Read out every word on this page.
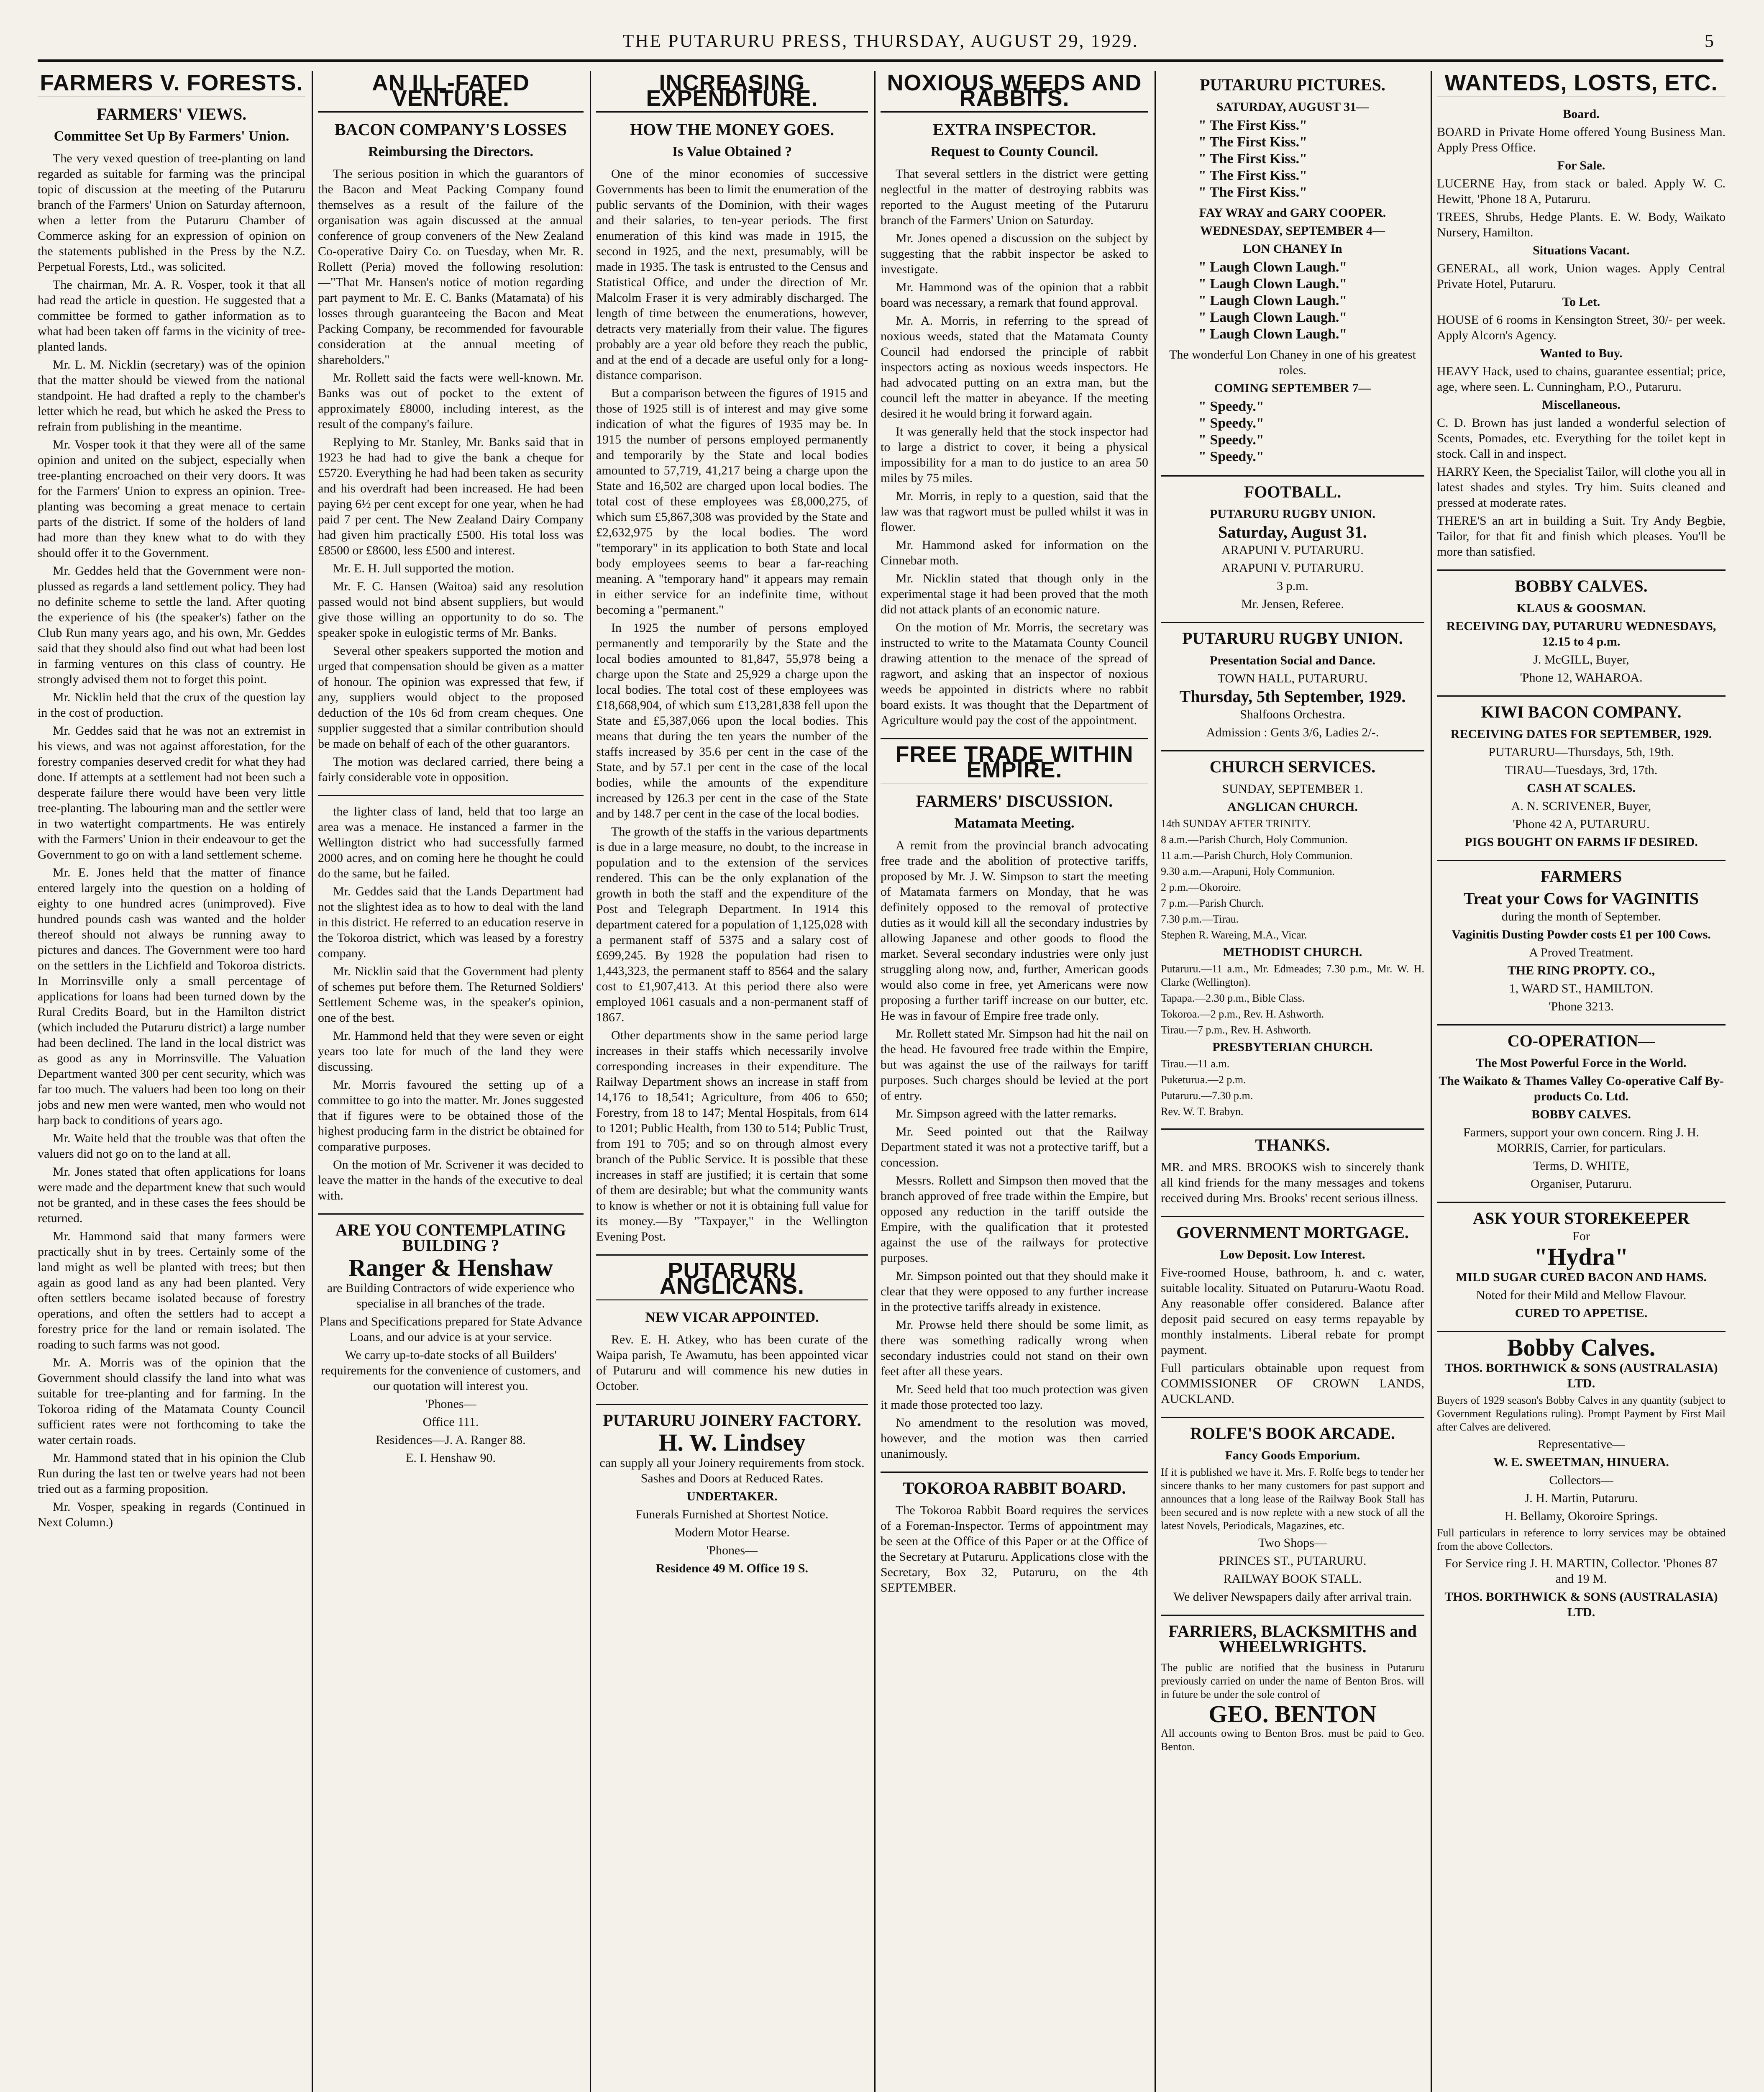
THE PUTARURU PRESS, THURSDAY, AUGUST 29, 1929.	5
FARMERS V. FORESTS.
FARMERS' VIEWS.
Committee Set Up By Farmers' Union.

The very vexed question of tree-planting on land regarded as suitable for farming was the principal topic of discussion at the meeting of the Putaruru branch of the Farmers' Union on Saturday afternoon, when a letter from the Putaruru Chamber of Commerce asking for an expression of opinion on the statements published in the Press by the N.Z. Perpetual Forests, Ltd., was solicited.

The chairman, Mr. A. R. Vosper, took it that all had read the article in question. He suggested that a committee be formed to gather information as to what had been taken off farms in the vicinity of tree-planted lands.

Mr. L. M. Nicklin (secretary) was of the opinion that the matter should be viewed from the national standpoint. He had drafted a reply to the chamber's letter which he read, but which he asked the Press to refrain from publishing in the meantime.

Mr. Vosper took it that they were all of the same opinion and united on the subject, especially when tree-planting encroached on their very doors. It was for the Farmers' Union to express an opinion. Tree-planting was becoming a great menace to certain parts of the district. If some of the holders of land had more than they knew what to do with they should offer it to the Government.

Mr. Geddes held that the Government were non-plussed as regards a land settlement policy. They had no definite scheme to settle the land. After quoting the experience of his (the speaker's) father on the Club Run many years ago, and his own, Mr. Geddes said that they should also find out what had been lost in farming ventures on this class of country. He strongly advised them not to forget this point.

Mr. Nicklin held that the crux of the question lay in the cost of production.

Mr. Geddes said that he was not an extremist in his views, and was not against afforestation, for the forestry companies deserved credit for what they had done. If attempts at a settlement had not been such a desperate failure there would have been very little tree-planting. The labouring man and the settler were in two watertight compartments. He was entirely with the Farmers' Union in their endeavour to get the Government to go on with a land settlement scheme.

Mr. E. Jones held that the matter of finance entered largely into the question on a holding of eighty to one hundred acres (unimproved). Five hundred pounds cash was wanted and the holder thereof should not always be running away to pictures and dances. The Government were too hard on the settlers in the Lichfield and Tokoroa districts. In Morrinsville only a small percentage of applications for loans had been turned down by the Rural Credits Board, but in the Hamilton district (which included the Putaruru district) a large number had been declined. The land in the local district was as good as any in Morrinsville. The Valuation Department wanted 300 per cent security, which was far too much. The valuers had been too long on their jobs and new men were wanted, men who would not harp back to conditions of years ago.

Mr. Waite held that the trouble was that often the valuers did not go on to the land at all.

Mr. Jones stated that often applications for loans were made and the department knew that such would not be granted, and in these cases the fees should be returned.

Mr. Hammond said that many farmers were practically shut in by trees. Certainly some of the land might as well be planted with trees; but then again as good land as any had been planted. Very often settlers became isolated because of forestry operations, and often the settlers had to accept a forestry price for the land or remain isolated. The roading to such farms was not good.

Mr. A. Morris was of the opinion that the Government should classify the land into what was suitable for tree-planting and for farming. In the Tokoroa riding of the Matamata County Council sufficient rates were not forthcoming to take the water certain roads.

Mr. Hammond stated that in his opinion the Club Run during the last ten or twelve years had not been tried out as a farming proposition.

Mr. Vosper, speaking in regards (Continued in Next Column.)

AN ILL-FATED VENTURE.
BACON COMPANY'S LOSSES
Reimbursing the Directors.

The serious position in which the guarantors of the Bacon and Meat Packing Company found themselves as a result of the failure of the organisation was again discussed at the annual conference of group conveners of the New Zealand Co-operative Dairy Co. on Tuesday, when Mr. R. Rollett (Peria) moved the following resolution:—"That Mr. Hansen's notice of motion regarding part payment to Mr. E. C. Banks (Matamata) of his losses through guaranteeing the Bacon and Meat Packing Company, be recommended for favourable consideration at the annual meeting of shareholders."

Mr. Rollett said the facts were well-known. Mr. Banks was out of pocket to the extent of approximately £8000, including interest, as the result of the company's failure.

Replying to Mr. Stanley, Mr. Banks said that in 1923 he had had to give the bank a cheque for £5720. Everything he had had been taken as security and his overdraft had been increased. He had been paying 6½ per cent except for one year, when he had paid 7 per cent. The New Zealand Dairy Company had given him practically £500. His total loss was £8500 or £8600, less £500 and interest.

Mr. E. H. Jull supported the motion.

Mr. F. C. Hansen (Waitoa) said any resolution passed would not bind absent suppliers, but would give those willing an opportunity to do so. The speaker spoke in eulogistic terms of Mr. Banks.

Several other speakers supported the motion and urged that compensation should be given as a matter of honour. The opinion was expressed that few, if any, suppliers would object to the proposed deduction of the 10s 6d from cream cheques. One supplier suggested that a similar contribution should be made on behalf of each of the other guarantors.

The motion was declared carried, there being a fairly considerable vote in opposition.

the lighter class of land, held that too large an area was a menace. He instanced a farmer in the Wellington district who had successfully farmed 2000 acres, and on coming here he thought he could do the same, but he failed.

Mr. Geddes said that the Lands Department had not the slightest idea as to how to deal with the land in this district. He referred to an education reserve in the Tokoroa district, which was leased by a forestry company.

Mr. Nicklin said that the Government had plenty of schemes put before them. The Returned Soldiers' Settlement Scheme was, in the speaker's opinion, one of the best.

Mr. Hammond held that they were seven or eight years too late for much of the land they were discussing.

Mr. Morris favoured the setting up of a committee to go into the matter. Mr. Jones suggested that if figures were to be obtained those of the highest producing farm in the district be obtained for comparative purposes.

On the motion of Mr. Scrivener it was decided to leave the matter in the hands of the executive to deal with.

ARE YOU CONTEMPLATING BUILDING ?
Ranger & Henshaw

are Building Contractors of wide experience who specialise in all branches of the trade.

Plans and Specifications prepared for State Advance Loans, and our advice is at your service.

We carry up-to-date stocks of all Builders' requirements for the convenience of customers, and our quotation will interest you.

'Phones—

Office 111.

Residences—J. A. Ranger 88.

E. I. Henshaw 90.

INCREASING EXPENDITURE.
HOW THE MONEY GOES.
Is Value Obtained ?

One of the minor economies of successive Governments has been to limit the enumeration of the public servants of the Dominion, with their wages and their salaries, to ten-year periods. The first enumeration of this kind was made in 1915, the second in 1925, and the next, presumably, will be made in 1935. The task is entrusted to the Census and Statistical Office, and under the direction of Mr. Malcolm Fraser it is very admirably discharged. The length of time between the enumerations, however, detracts very materially from their value. The figures probably are a year old before they reach the public, and at the end of a decade are useful only for a long-distance comparison.

But a comparison between the figures of 1915 and those of 1925 still is of interest and may give some indication of what the figures of 1935 may be. In 1915 the number of persons employed permanently and temporarily by the State and local bodies amounted to 57,719, 41,217 being a charge upon the State and 16,502 are charged upon local bodies. The total cost of these employees was £8,000,275, of which sum £5,867,308 was provided by the State and £2,632,975 by the local bodies. The word "temporary" in its application to both State and local body employees seems to bear a far-reaching meaning. A "temporary hand" it appears may remain in either service for an indefinite time, without becoming a "permanent."

In 1925 the number of persons employed permanently and temporarily by the State and the local bodies amounted to 81,847, 55,978 being a charge upon the State and 25,929 a charge upon the local bodies. The total cost of these employees was £18,668,904, of which sum £13,281,838 fell upon the State and £5,387,066 upon the local bodies. This means that during the ten years the number of the staffs increased by 35.6 per cent in the case of the State, and by 57.1 per cent in the case of the local bodies, while the amounts of the expenditure increased by 126.3 per cent in the case of the State and by 148.7 per cent in the case of the local bodies.

The growth of the staffs in the various departments is due in a large measure, no doubt, to the increase in population and to the extension of the services rendered. This can be the only explanation of the growth in both the staff and the expenditure of the Post and Telegraph Department. In 1914 this department catered for a population of 1,125,028 with a permanent staff of 5375 and a salary cost of £699,245. By 1928 the population had risen to 1,443,323, the permanent staff to 8564 and the salary cost to £1,907,413. At this period there also were employed 1061 casuals and a non-permanent staff of 1867.

Other departments show in the same period large increases in their staffs which necessarily involve corresponding increases in their expenditure. The Railway Department shows an increase in staff from 14,176 to 18,541; Agriculture, from 406 to 650; Forestry, from 18 to 147; Mental Hospitals, from 614 to 1201; Public Health, from 130 to 514; Public Trust, from 191 to 705; and so on through almost every branch of the Public Service. It is possible that these increases in staff are justified; it is certain that some of them are desirable; but what the community wants to know is whether or not it is obtaining full value for its money.—By "Taxpayer," in the Wellington Evening Post.

PUTARURU ANGLICANS.
NEW VICAR APPOINTED.

Rev. E. H. Atkey, who has been curate of the Waipa parish, Te Awamutu, has been appointed vicar of Putaruru and will commence his new duties in October.

PUTARURU JOINERY FACTORY.
H. W. Lindsey

can supply all your Joinery requirements from stock. Sashes and Doors at Reduced Rates.

UNDERTAKER.

Funerals Furnished at Shortest Notice.

Modern Motor Hearse.

'Phones—

Residence 49 M. Office 19 S.

NOXIOUS WEEDS AND RABBITS.
EXTRA INSPECTOR.
Request to County Council.

That several settlers in the district were getting neglectful in the matter of destroying rabbits was reported to the August meeting of the Putaruru branch of the Farmers' Union on Saturday.

Mr. Jones opened a discussion on the subject by suggesting that the rabbit inspector be asked to investigate.

Mr. Hammond was of the opinion that a rabbit board was necessary, a remark that found approval.

Mr. A. Morris, in referring to the spread of noxious weeds, stated that the Matamata County Council had endorsed the principle of rabbit inspectors acting as noxious weeds inspectors. He had advocated putting on an extra man, but the council left the matter in abeyance. If the meeting desired it he would bring it forward again.

It was generally held that the stock inspector had to large a district to cover, it being a physical impossibility for a man to do justice to an area 50 miles by 75 miles.

Mr. Morris, in reply to a question, said that the law was that ragwort must be pulled whilst it was in flower.

Mr. Hammond asked for information on the Cinnebar moth.

Mr. Nicklin stated that though only in the experimental stage it had been proved that the moth did not attack plants of an economic nature.

On the motion of Mr. Morris, the secretary was instructed to write to the Matamata County Council drawing attention to the menace of the spread of ragwort, and asking that an inspector of noxious weeds be appointed in districts where no rabbit board exists. It was thought that the Department of Agriculture would pay the cost of the appointment.

FREE TRADE WITHIN EMPIRE.
FARMERS' DISCUSSION.
Matamata Meeting.

A remit from the provincial branch advocating free trade and the abolition of protective tariffs, proposed by Mr. J. W. Simpson to start the meeting of Matamata farmers on Monday, that he was definitely opposed to the removal of protective duties as it would kill all the secondary industries by allowing Japanese and other goods to flood the market. Several secondary industries were only just struggling along now, and, further, American goods would also come in free, yet Americans were now proposing a further tariff increase on our butter, etc. He was in favour of Empire free trade only.

Mr. Rollett stated Mr. Simpson had hit the nail on the head. He favoured free trade within the Empire, but was against the use of the railways for tariff purposes. Such charges should be levied at the port of entry.

Mr. Simpson agreed with the latter remarks.

Mr. Seed pointed out that the Railway Department stated it was not a protective tariff, but a concession.

Messrs. Rollett and Simpson then moved that the branch approved of free trade within the Empire, but opposed any reduction in the tariff outside the Empire, with the qualification that it protested against the use of the railways for protective purposes.

Mr. Simpson pointed out that they should make it clear that they were opposed to any further increase in the protective tariffs already in existence.

Mr. Prowse held there should be some limit, as there was something radically wrong when secondary industries could not stand on their own feet after all these years.

Mr. Seed held that too much protection was given it made those protected too lazy.

No amendment to the resolution was moved, however, and the motion was then carried unanimously.

TOKOROA RABBIT BOARD.

The Tokoroa Rabbit Board requires the services of a Foreman-Inspector. Terms of appointment may be seen at the Office of this Paper or at the Office of the Secretary at Putaruru. Applications close with the Secretary, Box 32, Putaruru, on the 4th SEPTEMBER.

PUTARURU PICTURES.

SATURDAY, AUGUST 31—

" The First Kiss."
" The First Kiss."
" The First Kiss."
" The First Kiss."
" The First Kiss."

FAY WRAY and GARY COOPER.

WEDNESDAY, SEPTEMBER 4—

LON CHANEY In

" Laugh Clown Laugh."
" Laugh Clown Laugh."
" Laugh Clown Laugh."
" Laugh Clown Laugh."
" Laugh Clown Laugh."

The wonderful Lon Chaney in one of his greatest roles.

COMING SEPTEMBER 7—

" Speedy."
" Speedy."
" Speedy."
" Speedy."
FOOTBALL.

PUTARURU RUGBY UNION.

Saturday, August 31.

ARAPUNI V. PUTARURU.

ARAPUNI V. PUTARURU.

3 p.m.

Mr. Jensen, Referee.

PUTARURU RUGBY UNION.

Presentation Social and Dance.

TOWN HALL, PUTARURU.

Thursday, 5th September, 1929.

Shalfoons Orchestra.

Admission : Gents 3/6, Ladies 2/-.

CHURCH SERVICES.

SUNDAY, SEPTEMBER 1.

ANGLICAN CHURCH.

14th SUNDAY AFTER TRINITY.

8 a.m.—Parish Church, Holy Communion.

11 a.m.—Parish Church, Holy Communion.

9.30 a.m.—Arapuni, Holy Communion.

2 p.m.—Okoroire.

7 p.m.—Parish Church.

7.30 p.m.—Tirau.

Stephen R. Wareing, M.A., Vicar.

METHODIST CHURCH.

Putaruru.—11 a.m., Mr. Edmeades; 7.30 p.m., Mr. W. H. Clarke (Wellington).

Tapapa.—2.30 p.m., Bible Class.

Tokoroa.—2 p.m., Rev. H. Ashworth.

Tirau.—7 p.m., Rev. H. Ashworth.

PRESBYTERIAN CHURCH.

Tirau.—11 a.m.

Puketurua.—2 p.m.

Putaruru.—7.30 p.m.

Rev. W. T. Brabyn.

THANKS.

MR. and MRS. BROOKS wish to sincerely thank all kind friends for the many messages and tokens received during Mrs. Brooks' recent serious illness.

GOVERNMENT MORTGAGE.

Low Deposit. Low Interest.

Five-roomed House, bathroom, h. and c. water, suitable locality. Situated on Putaruru-Waotu Road. Any reasonable offer considered. Balance after deposit paid secured on easy terms repayable by monthly instalments. Liberal rebate for prompt payment.

Full particulars obtainable upon request from COMMISSIONER OF CROWN LANDS, AUCKLAND.

ROLFE'S BOOK ARCADE.

Fancy Goods Emporium.

If it is published we have it. Mrs. F. Rolfe begs to tender her sincere thanks to her many customers for past support and announces that a long lease of the Railway Book Stall has been secured and is now replete with a new stock of all the latest Novels, Periodicals, Magazines, etc.

Two Shops—

PRINCES ST., PUTARURU.

RAILWAY BOOK STALL.

We deliver Newspapers daily after arrival train.

FARRIERS, BLACKSMITHS and WHEELWRIGHTS.

The public are notified that the business in Putaruru previously carried on under the name of Benton Bros. will in future be under the sole control of

GEO. BENTON

All accounts owing to Benton Bros. must be paid to Geo. Benton.

WANTEDS, LOSTS, ETC.

Board.

BOARD in Private Home offered Young Business Man. Apply Press Office.

For Sale.

LUCERNE Hay, from stack or baled. Apply W. C. Hewitt, 'Phone 18 A, Putaruru.

TREES, Shrubs, Hedge Plants. E. W. Body, Waikato Nursery, Hamilton.

Situations Vacant.

GENERAL, all work, Union wages. Apply Central Private Hotel, Putaruru.

To Let.

HOUSE of 6 rooms in Kensington Street, 30/- per week. Apply Alcorn's Agency.

Wanted to Buy.

HEAVY Hack, used to chains, guarantee essential; price, age, where seen. L. Cunningham, P.O., Putaruru.

Miscellaneous.

C. D. Brown has just landed a wonderful selection of Scents, Pomades, etc. Everything for the toilet kept in stock. Call in and inspect.

HARRY Keen, the Specialist Tailor, will clothe you all in latest shades and styles. Try him. Suits cleaned and pressed at moderate rates.

THERE'S an art in building a Suit. Try Andy Begbie, Tailor, for that fit and finish which pleases. You'll be more than satisfied.

BOBBY CALVES.

KLAUS & GOOSMAN.

RECEIVING DAY, PUTARURU WEDNESDAYS, 12.15 to 4 p.m.

J. McGILL, Buyer,

'Phone 12, WAHAROA.

KIWI BACON COMPANY.

RECEIVING DATES FOR SEPTEMBER, 1929.

PUTARURU—Thursdays, 5th, 19th.

TIRAU—Tuesdays, 3rd, 17th.

CASH AT SCALES.

A. N. SCRIVENER, Buyer,

'Phone 42 A, PUTARURU.

PIGS BOUGHT ON FARMS IF DESIRED.

FARMERS

Treat your Cows for VAGINITIS

during the month of September.

Vaginitis Dusting Powder costs £1 per 100 Cows.

A Proved Treatment.

THE RING PROPTY. CO.,

1, WARD ST., HAMILTON.

'Phone 3213.

CO-OPERATION—

The Most Powerful Force in the World.

The Waikato & Thames Valley Co-operative Calf By-products Co. Ltd.

BOBBY CALVES.

Farmers, support your own concern. Ring J. H. MORRIS, Carrier, for particulars.

Terms, D. WHITE,

Organiser, Putaruru.

ASK YOUR STOREKEEPER

For

"Hydra"

MILD SUGAR CURED BACON AND HAMS.

Noted for their Mild and Mellow Flavour.

CURED TO APPETISE.

Bobby Calves.

THOS. BORTHWICK & SONS (AUSTRALASIA) LTD.

Buyers of 1929 season's Bobby Calves in any quantity (subject to Government Regulations ruling). Prompt Payment by First Mail after Calves are delivered.

Representative—

W. E. SWEETMAN, HINUERA.

Collectors—

J. H. Martin, Putaruru.

H. Bellamy, Okoroire Springs.

Full particulars in reference to lorry services may be obtained from the above Collectors.

For Service ring J. H. MARTIN, Collector. 'Phones 87 and 19 M.

THOS. BORTHWICK & SONS (AUSTRALASIA) LTD.
